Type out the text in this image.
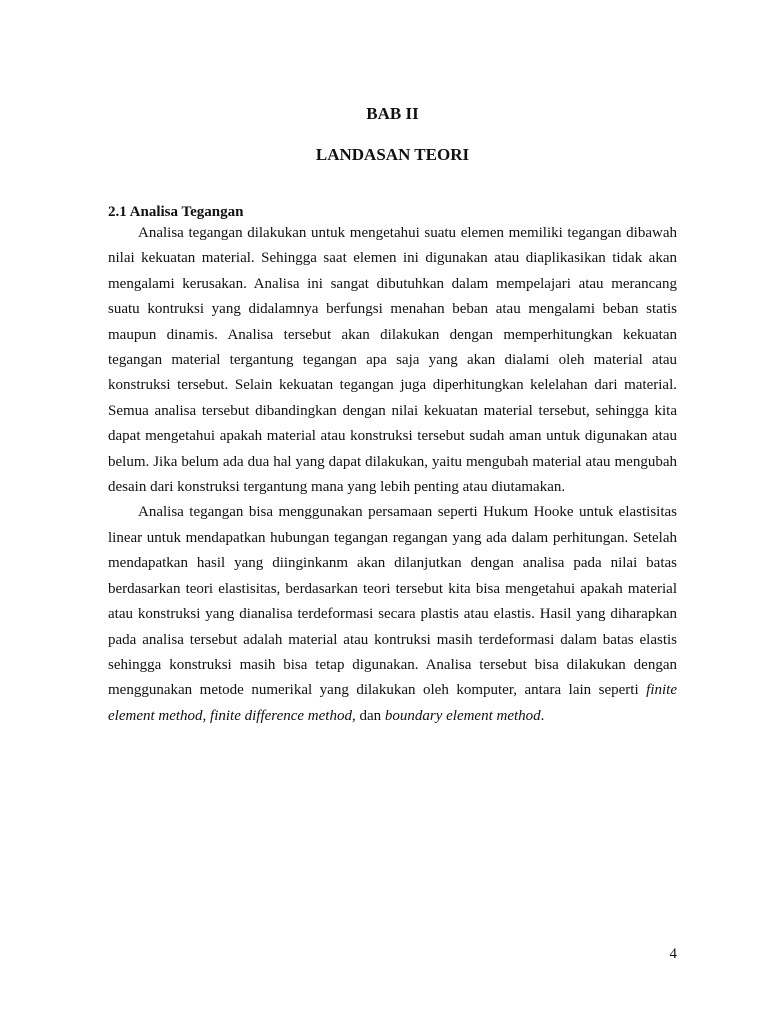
BAB II
LANDASAN TEORI
2.1 Analisa Tegangan

Analisa tegangan dilakukan untuk mengetahui suatu elemen memiliki tegangan dibawah nilai kekuatan material. Sehingga saat elemen ini digunakan atau diaplikasikan tidak akan mengalami kerusakan. Analisa ini sangat dibutuhkan dalam mempelajari atau merancang suatu kontruksi yang didalamnya berfungsi menahan beban atau mengalami beban statis maupun dinamis. Analisa tersebut akan dilakukan dengan memperhitungkan kekuatan tegangan material tergantung tegangan apa saja yang akan dialami oleh material atau konstruksi tersebut. Selain kekuatan tegangan juga diperhitungkan kelelahan dari material. Semua analisa tersebut dibandingkan dengan nilai kekuatan material tersebut, sehingga kita dapat mengetahui apakah material atau konstruksi tersebut sudah aman untuk digunakan atau belum. Jika belum ada dua hal yang dapat dilakukan, yaitu mengubah material atau mengubah desain dari konstruksi tergantung mana yang lebih penting atau diutamakan.

Analisa tegangan bisa menggunakan persamaan seperti Hukum Hooke untuk elastisitas linear untuk mendapatkan hubungan tegangan regangan yang ada dalam perhitungan. Setelah mendapatkan hasil yang diinginkanm akan dilanjutkan dengan analisa pada nilai batas berdasarkan teori elastisitas, berdasarkan teori tersebut kita bisa mengetahui apakah material atau konstruksi yang dianalisa terdeformasi secara plastis atau elastis. Hasil yang diharapkan pada analisa tersebut adalah material atau kontruksi masih terdeformasi dalam batas elastis sehingga konstruksi masih bisa tetap digunakan. Analisa tersebut bisa dilakukan dengan menggunakan metode numerikal yang dilakukan oleh komputer, antara lain seperti finite element method, finite difference method, dan boundary element method.

4
